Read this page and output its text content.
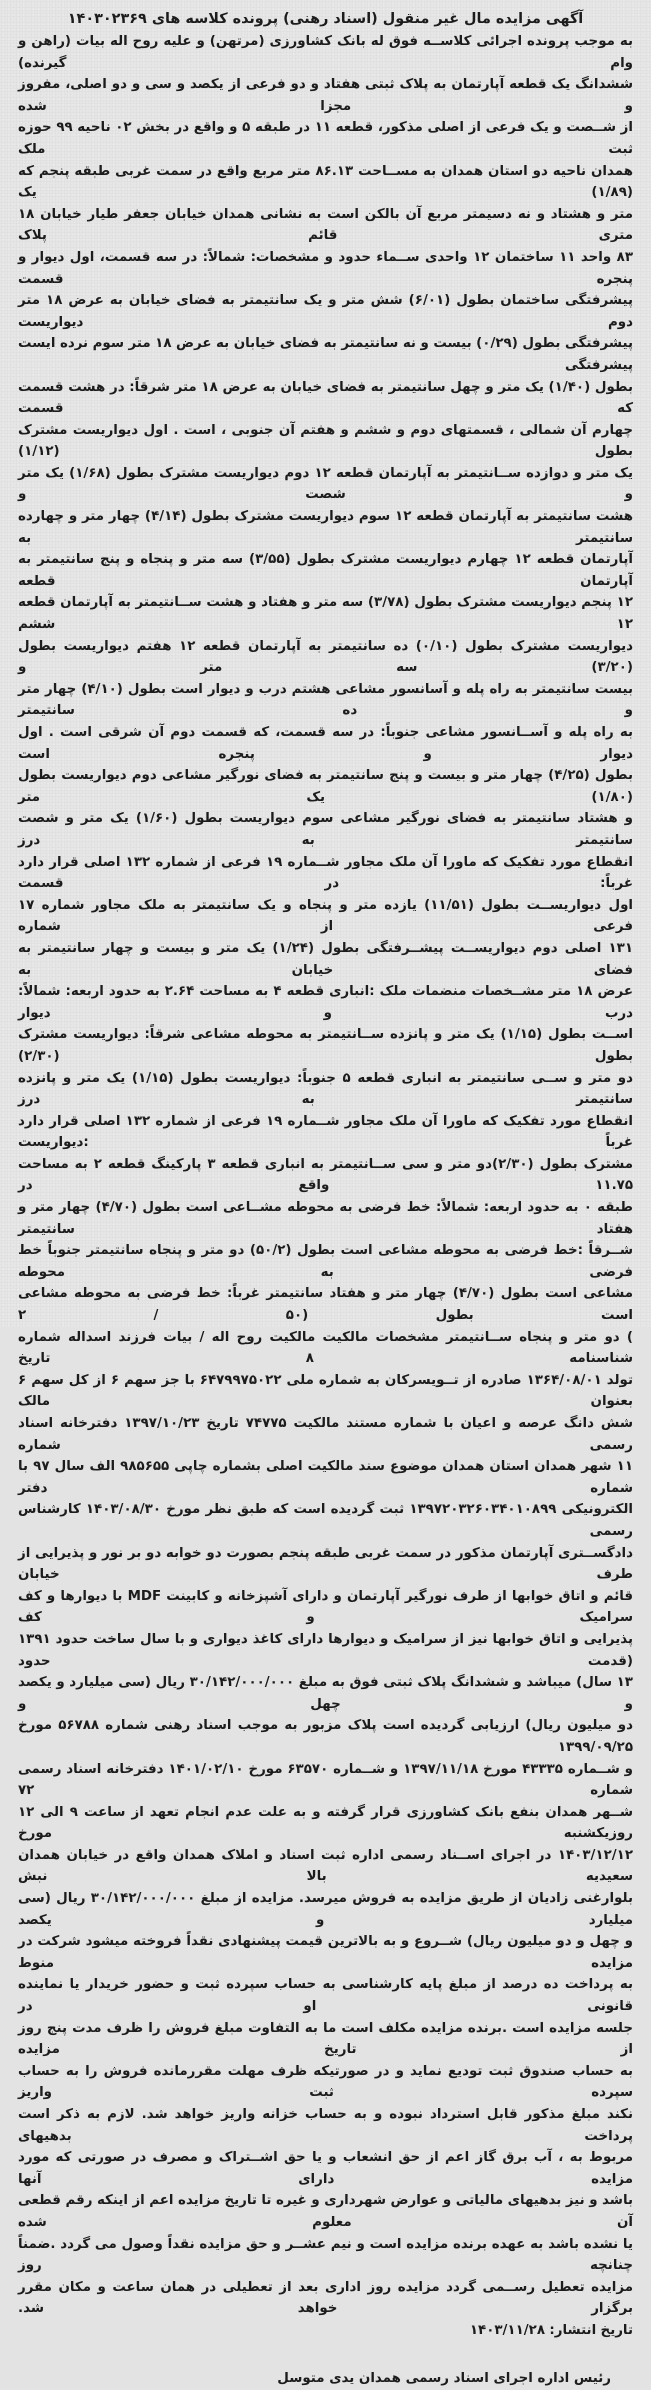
آگهی مزایده مال غیر منقول (اسناد رهنی) پرونده کلاسه های ۱۴۰۳۰۲۳۶۹
به موجب پرونده اجرائی کلاســه فوق له بانک کشاورزی (مرتهن) و علیه روح اله بیات (راهن و وام گیرنده)
ششدانگ یک قطعه آپارتمان به پلاک ثبتی هفتاد و دو فرعی از یکصد و سی و دو اصلی، مفروز و مجزا شده
از شــصت و یک فرعی از اصلی مذکور، قطعه ۱۱ در طبقه ۵ و واقع در بخش ۰۲ ناحیه ۹۹ حوزه ثبت ملک
همدان ناحیه دو استان همدان به مســاحت ۸۶.۱۳ متر مربع واقع در سمت غربی طبقه پنجم که (۱/۸۹) یک
متر و هشتاد و نه دسیمتر مربع آن بالکن است به نشانی همدان خیابان جعفر طیار خیابان ۱۸ متری قائم پلاک
۸۳ واحد ۱۱ ساختمان ۱۲ واحدی ســماء حدود و مشخصات: شمالاً: در سه قسمت، اول دیوار و پنجره قسمت
پیشرفتگی ساختمان بطول (۶/۰۱) شش متر و یک سانتیمتر به فضای خیابان به عرض ۱۸ متر دوم دیواریست
پیشرفتگی بطول (۰/۲۹) بیست و نه سانتیمتر به فضای خیابان به عرض ۱۸ متر سوم نرده ایست پیشرفتگی
بطول (۱/۴۰) یک متر و چهل سانتیمتر به فضای خیابان به عرض ۱۸ متر شرقاً: در هشت قسمت که قسمت
چهارم آن شمالی ، قسمتهای دوم و ششم و هفتم آن جنوبی ، است . اول دیواریست مشترک بطول (۱/۱۲)
یک متر و دوازده ســانتیمتر به آپارتمان قطعه ۱۲ دوم دیواریست مشترک بطول (۱/۶۸) یک متر و شصت و
هشت سانتیمتر به آپارتمان قطعه ۱۲ سوم دیواریست مشترک بطول (۴/۱۴) چهار متر و چهارده سانتیمتر به
آپارتمان قطعه ۱۲ چهارم دیواریست مشترک بطول (۳/۵۵) سه متر و پنجاه و پنج سانتیمتر به آپارتمان قطعه
۱۲ پنجم دیواریست مشترک بطول (۳/۷۸) سه متر و هفتاد و هشت ســانتیمتر به آپارتمان قطعه ۱۲ ششم
دیواریست مشترک بطول (۰/۱۰) ده سانتیمتر به آپارتمان قطعه ۱۲ هفتم دیواریست بطول (۳/۲۰) سه متر و
بیست سانتیمتر به راه پله و آسانسور مشاعی هشتم درب و دیوار است بطول (۴/۱۰) چهار متر و ده سانتیمتر
به راه پله و آســانسور مشاعی جنوباً: در سه قسمت، که قسمت دوم آن شرقی است . اول دیوار و پنجره است
بطول (۴/۲۵) چهار متر و بیست و پنج سانتیمتر به فضای نورگیر مشاعی دوم دیواریست بطول (۱/۸۰) یک متر
و هشتاد سانتیمتر به فضای نورگیر مشاعی سوم دیواریست بطول (۱/۶۰) یک متر و شصت سانتیمتر به درز
انقطاع مورد تفکیک که ماورا آن ملک مجاور شــماره ۱۹ فرعی از شماره ۱۳۲ اصلی قرار دارد غرباً: در قسمت
اول دیواریســت بطول (۱۱/۵۱) یازده متر و پنجاه و یک سانتیمتر به ملک مجاور شماره ۱۷ فرعی از شماره
۱۳۱ اصلی دوم دیواریســت پیشــرفتگی بطول (۱/۲۴) یک متر و بیست و چهار سانتیمتر به فضای خیابان به
عرض ۱۸ متر مشــخصات منضمات ملک :انباری قطعه ۴ به مساحت ۲.۶۴ به حدود اربعه: شمالاً: درب و دیوار
اســت بطول (۱/۱۵) یک متر و پانزده ســانتیمتر به محوطه مشاعی شرقاً: دیواریست مشترک بطول (۲/۳۰)
دو متر و ســی سانتیمتر به انباری قطعه ۵ جنوباً: دیواریست بطول (۱/۱۵) یک متر و پانزده سانتیمتر به درز
انقطاع مورد تفکیک که ماورا آن ملک مجاور شــماره ۱۹ فرعی از شماره ۱۳۲ اصلی قرار دارد غرباً :دیواریست
مشترک بطول (۲/۳۰)دو متر و سی ســانتیمتر به انباری قطعه ۳ پارکینگ قطعه ۲ به مساحت ۱۱.۷۵ واقع در
طبقه ۰ به حدود اربعه: شمالاً: خط فرضی به محوطه مشــاعی است بطول (۴/۷۰) چهار متر و هفتاد سانتیمتر
شــرقاً :خط فرضی به محوطه مشاعی است بطول (۵۰/۲) دو متر و پنجاه سانتیمتر جنوباً خط فرضی به محوطه
مشاعی است بطول (۴/۷۰) چهار متر و هفتاد سانتیمتر غرباً: خط فرضی به محوطه مشاعی است بطول (۵۰ / ۲
) دو متر و پنجاه ســانتیمتر مشخصات مالکیت مالکیت روح اله / بیات فرزند اسداله شماره شناسنامه ۸ تاریخ
تولد ۱۳۶۴/۰۸/۰۱ صادره از تــویسرکان به شماره ملی ۶۴۷۹۹۷۵۰۲۲ با جز سهم ۶ از کل سهم ۶ بعنوان مالک
شش دانگ عرصه و اعیان با شماره مستند مالکیت ۷۴۷۷۵ تاریخ ۱۳۹۷/۱۰/۲۳ دفترخانه اسناد رسمی شماره
۱۱ شهر همدان استان همدان موضوع سند مالکیت اصلی بشماره چاپی ۹۸۵۶۵۵ الف سال ۹۷ با شماره دفتر
الکترونیکی ۱۳۹۷۲۰۳۲۶۰۳۴۰۱۰۸۹۹ ثبت گردیده است که طبق نظر مورخ ۱۴۰۳/۰۸/۳۰ کارشناس رسمی
دادگســتری آپارتمان مذکور در سمت غربی طبقه پنجم بصورت دو خوابه دو بر نور و پذیرایی از طرف خیابان
قائم و اتاق خوابها از طرف نورگیر آپارتمان و دارای آشپزخانه و کابینت MDF با دیوارها و کف سرامیک و کف
پذیرایی و اتاق خوابها نیز از سرامیک و دیوارها دارای کاغذ دیواری و با سال ساخت حدود ۱۳۹۱ (قدمت حدود
۱۳ سال) میباشد و ششدانگ پلاک ثبتی فوق به مبلغ ۳۰/۱۴۲/۰۰۰/۰۰۰ ریال (سی میلیارد و یکصد و چهل و
دو میلیون ریال) ارزیابی گردیده است پلاک مزبور به موجب اسناد رهنی شماره ۵۶۷۸۸ مورخ ۱۳۹۹/۰۹/۲۵
و شــماره ۴۳۳۳۵ مورخ ۱۳۹۷/۱۱/۱۸ و شــماره ۶۳۵۷۰ مورخ ۱۴۰۱/۰۲/۱۰ دفترخانه اسناد رسمی شماره ۷۲
شــهر همدان بنفع بانک کشاورزی قرار گرفته و به علت عدم انجام تعهد از ساعت ۹ الی ۱۲ روزیکشنبه مورخ
۱۴۰۳/۱۲/۱۲ در اجرای اســناد رسمی اداره ثبت اسناد و املاک همدان واقع در خیابان همدان سعیدیه بالا نبش
بلوارغنی زادیان از طریق مزایده به فروش میرسد. مزایده از مبلغ ۳۰/۱۴۲/۰۰۰/۰۰۰ ریال (سی میلیارد و یکصد
و چهل و دو میلیون ریال) شــروع و به بالاترین قیمت پیشنهادی نقداً فروخته میشود شرکت در مزایده منوط
به پرداخت ده درصد از مبلغ پایه کارشناسی به حساب سپرده ثبت و حضور خریدار یا نماینده قانونی او در
جلسه مزایده است .برنده مزایده مکلف است ما به التفاوت مبلغ فروش را ظرف مدت پنج روز از تاریخ مزایده
به حساب صندوق ثبت تودیع نماید و در صورتیکه ظرف مهلت مقررمانده فروش را به حساب سپرده ثبت واریز
نکند مبلغ مذکور قابل استرداد نبوده و به حساب خزانه واریز خواهد شد. لازم به ذکر است پرداخت بدهیهای
مربوط به ، آب برق گاز اعم از حق انشعاب و یا حق اشــتراک و مصرف در صورتی که مورد مزایده دارای آنها
باشد و نیز بدهیهای مالیاتی و عوارض شهرداری و غیره تا تاریخ مزایده اعم از اینکه رقم قطعی آن معلوم شده
یا نشده باشد به عهده برنده مزایده است و نیم عشــر و حق مزایده نقداً وصول می گردد .ضمناً چنانچه روز
مزایده تعطیل رســمی گردد مزایده روز اداری بعد از تعطیلی در همان ساعت و مکان مقرر برگزار خواهد شد.
تاریخ انتشار: ۱۴۰۳/۱۱/۲۸
رئیس اداره اجرای اسناد رسمی همدان یدی متوسل
